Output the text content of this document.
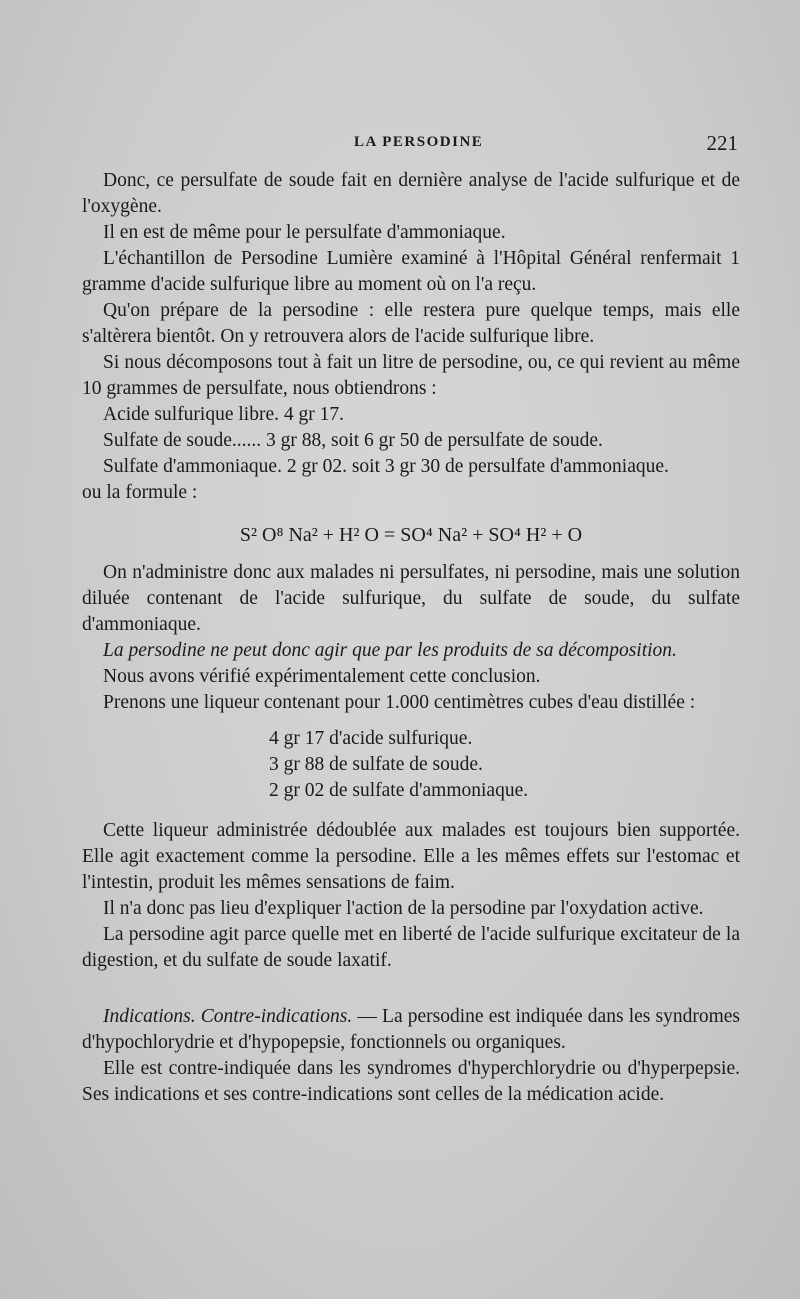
LA PERSODINE	221

Donc, ce persulfate de soude fait en dernière analyse de l'acide sulfurique et de l'oxygène.

Il en est de même pour le persulfate d'ammoniaque.

L'échantillon de Persodine Lumière examiné à l'Hôpital Général renfermait 1 gramme d'acide sulfurique libre au moment où on l'a reçu.

Qu'on prépare de la persodine : elle restera pure quelque temps, mais elle s'altèrera bientôt. On y retrouvera alors de l'acide sulfurique libre.

Si nous décomposons tout à fait un litre de persodine, ou, ce qui revient au même 10 grammes de persulfate, nous obtiendrons :

Acide sulfurique libre. 4 gr 17.
Sulfate de soude...... 3 gr 88, soit 6 gr 50 de persulfate de soude.
Sulfate d'ammoniaque. 2 gr 02. soit 3 gr 30 de persulfate d'ammoniaque.
ou la formule :
S² O⁸ Na² + H² O = SO⁴ Na² + SO⁴ H² + O

On n'administre donc aux malades ni persulfates, ni persodine, mais une solution diluée contenant de l'acide sulfurique, du sulfate de soude, du sulfate d'ammoniaque.

La persodine ne peut donc agir que par les produits de sa décomposition.

Nous avons vérifié expérimentalement cette conclusion.

Prenons une liqueur contenant pour 1.000 centimètres cubes d'eau distillée :

4 gr 17 d'acide sulfurique.
3 gr 88 de sulfate de soude.
2 gr 02 de sulfate d'ammoniaque.

Cette liqueur administrée dédoublée aux malades est toujours bien supportée. Elle agit exactement comme la persodine. Elle a les mêmes effets sur l'estomac et l'intestin, produit les mêmes sensations de faim.

Il n'a donc pas lieu d'expliquer l'action de la persodine par l'oxydation active.

La persodine agit parce quelle met en liberté de l'acide sulfurique excitateur de la digestion, et du sulfate de soude laxatif.

Indications. Contre-indications. — La persodine est indiquée dans les syndromes d'hypochlorydrie et d'hypopepsie, fonctionnels ou organiques.

Elle est contre-indiquée dans les syndromes d'hyperchlorydrie ou d'hyperpepsie. Ses indications et ses contre-indications sont celles de la médication acide.
